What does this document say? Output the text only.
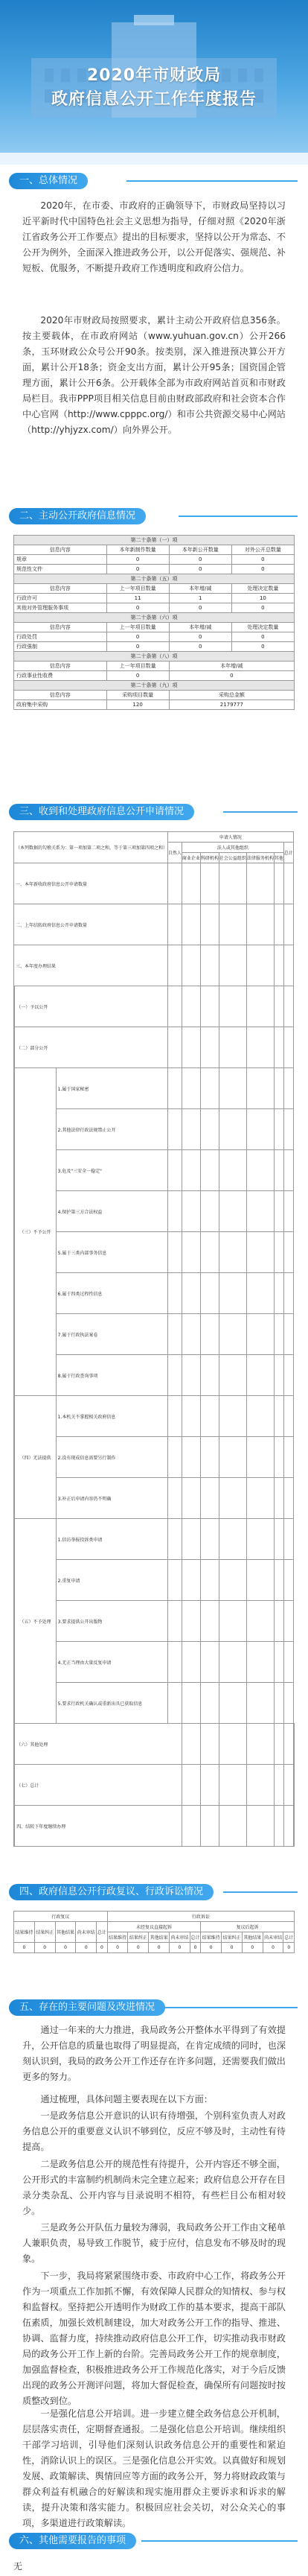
2020年市财政局
政府信息公开工作年度报告
一、总体情况

2020年，在市委、市政府的正确领导下，市财政局坚持以习近平新时代中国特色社会主义思想为指导，仔细对照《2020年浙江省政务公开工作要点》提出的目标要求，坚持以公开为常态、不公开为例外，全面深入推进政务公开，以公开促落实、强规范、补短板、优服务，不断提升政府工作透明度和政府公信力。

2020年市财政局按照要求，累计主动公开政府信息356条。按主要载体，在市政府网站（www.yuhuan.gov.cn）公开266条，玉环财政公众号公开90条。按类别，深入推进预决算公开方面，累计公开18条；资金支出方面，累计公开95条；国资国企管理方面，累计公开6条。公开载体全部为市政府网站首页和市财政局栏目。我市PPP项目相关信息目前由财政部政府和社会资本合作中心官网（http://www.cpppc.org/）和市公共资源交易中心网站（http://yhjyzx.com/）向外界公开。

二、主动公开政府信息情况
第二十条第（一）项			
信息内容	本年新制作数量	本年新公开数量	对外公开总数量
规章	0	0	0
规范性文件	0	0	0
第二十条第（五）项			
信息内容	上一年项目数量	本年增/减	处理决定数量
行政许可	11	1	10
其他对外管理服务事项	0	0	0
第二十条第（六）项			
信息内容	上一年项目数量	本年增/减	处理决定数量
行政处罚	0	0	0
行政强制	0	0	0
第二十条第（八）项			
信息内容	上一年项目数量	本年增/减	
行政事业性收费	0	0	
第二十条第（九）项			
信息内容	采购项目数量	采购总金额	
政府集中采购	120	2179777	
三、收到和处理政府信息公开申请情况
（本列数据的勾稽关系为：第一项加第二项之和，等于第三项加第四项之和）		申请人情况							
		自然人	法人或其他组织					总计	
			商业企业	科研机构	社会公益组织	法律服务机构	其他		
一、本年新收政府信息公开申请数量									
二、上年结转政府信息公开申请数量									
三、本年度办理结果									
	（一）予以公开									
（二）部分公开									
（三）不予公开	1.属于国家秘密								
	2.其他法律行政法规禁止公开								
	3.危及"三安全一稳定"								
	4.保护第三方合法权益								
	5.属于三类内部事务信息								
	6.属于四类过程性信息								
	7.属于行政执法案卷								
	8.属于行政查询事项								
（四）无法提供	1.本机关不掌握相关政府信息								
	2.没有现成信息需要另行制作								
	3.补正后申请内容仍不明确								
（五）不予处理	1.信访举报投诉类申请								
	2.重复申请								
	3.要求提供公开出版物								
	4.无正当理由大量反复申请								
	5.要求行政机关确认或重新出具已获取信息								
（六）其他处理									
（七）总计									
四、结转下年度继续办理									
四、政府信息公开行政复议、行政诉讼情况
行政复议					行政诉讼									
结果维持	结果纠正	其他结果	尚未审结	总计	未经复议直接起诉					复议后起诉				
					结果维持	结果纠正	其他结果	尚未审结	总计	结果维持	结果纠正	其他结果	尚未审结	总计
0	0	0	0	0	0	0	0	0	0	0	0	0	0	0
五、存在的主要问题及改进情况

通过一年来的大力推进，我局政务公开整体水平得到了有效提升，公开信息的质量也取得了明显提高，在肯定成绩的同时，也深刻认识到，我局的政务公开工作还存在许多问题，还需要我们做出更多的努力。

通过梳理，具体问题主要表现在以下方面：

一是政务信息公开意识的认识有待增强，个别科室负责人对政务信息公开的重要意义认识不够到位，反应不够及时，主动性有待提高。

二是政务信息公开的规范性有待提升，公开内容还不够全面，公开形式的丰富制约机制尚未完全建立起来；政府信息公开存在目录分类杂乱、公开内容与目录说明不相符，有些栏目公布相对较少。

三是政务公开队伍力量较为薄弱，我局政务公开工作由文秘单人兼职负责，易导致工作脱节，疲于应付，信息发布不够及时的现象。

下一步，我局将紧紧围绕市委、市政府中心工作，将政务公开作为一项重点工作加抓不懈，有效保障人民群众的知情权、参与权和监督权。坚持把公开透明作为财政工作的基本要求，提高干部队伍素质，加强长效机制建设，加大对政务公开工作的指导、推进、协调、监督力度，持续推动政府信息公开工作，切实推动我市财政局的政务公开工作上新的台阶。完善局政务公开工作的规章制度，加强监督检查，积极推进政务公开工作规范化落实，对于今后反馈出现的政务公开测评问题，将加大督促检查，确保所有问题按时按质整改到位。

一是强化信息公开培训。进一步建立健全政务信息公开机制，层层落实责任，定期督查通报。二是强化信息公开培训。继续组织干部学习培训，引导他们深刻认识政务信息公开的重要性和紧迫性，消除认识上的误区。三是强化信息公开实效。以真做好和规划发展、政策解读、舆情回应等方面的政务公开，努力将财政政策与群众利益有机融合的好解读和现实施用群众主要诉求和诉求的解读，提升决策和落实能力。积极回应社会关切，对公众关心的事项，多渠道进行政策解读。

六、其他需要报告的事项
无
